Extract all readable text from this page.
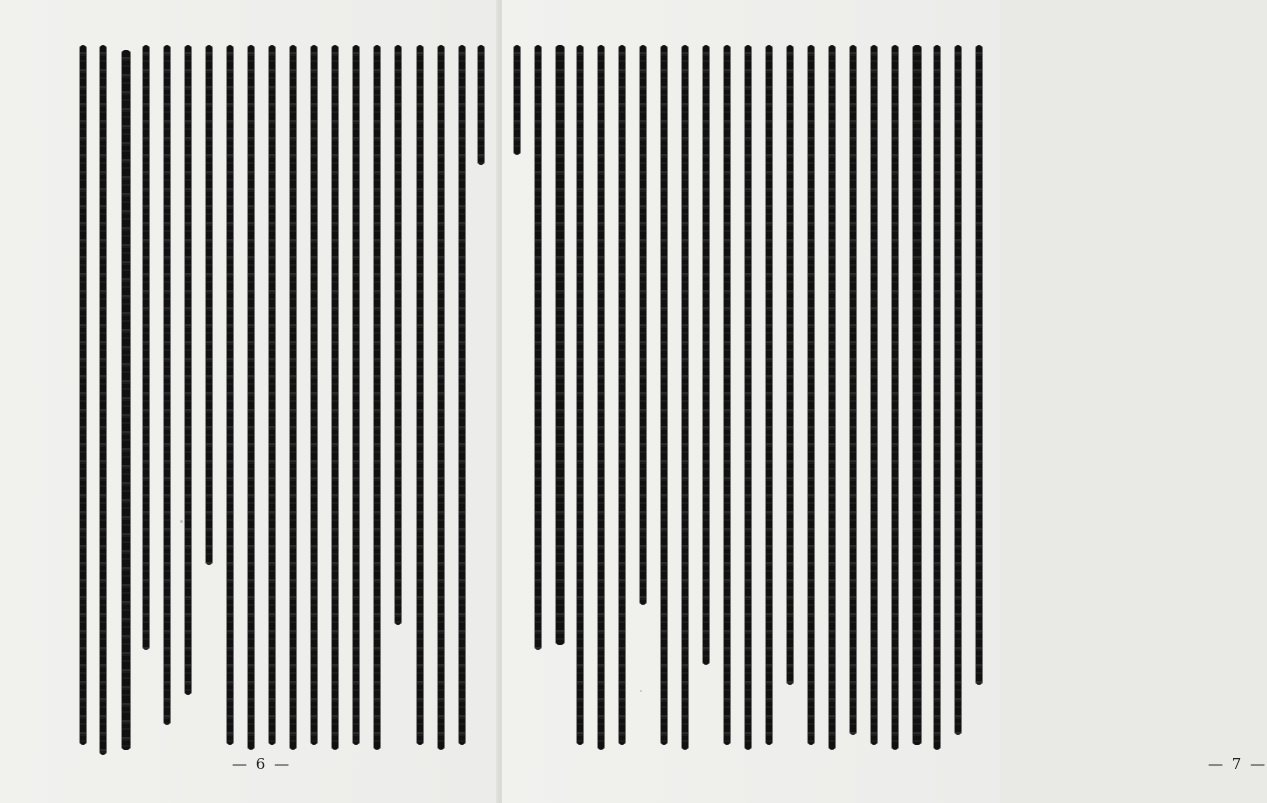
— 6 —	— 7 —
